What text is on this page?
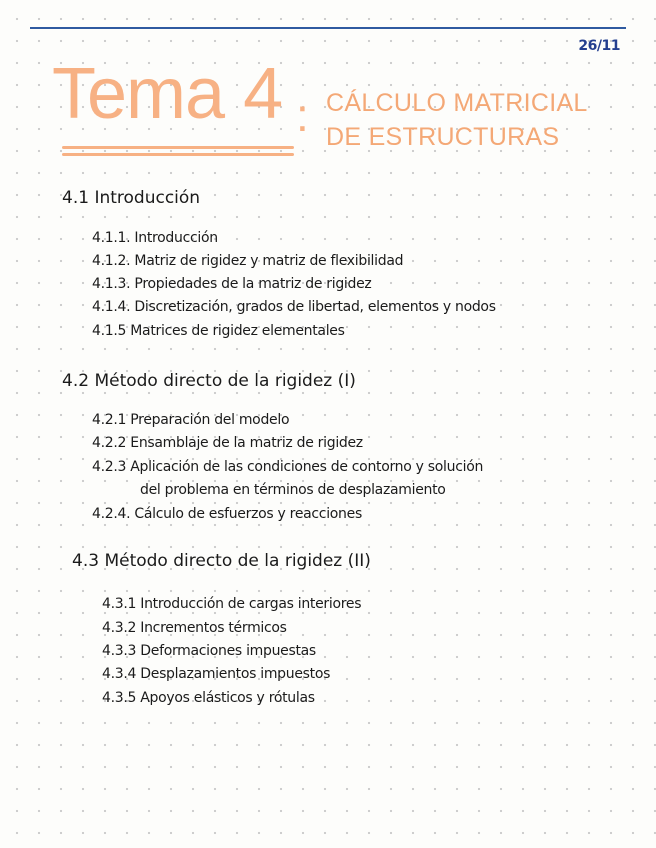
26/11
Tema 4 : CÁLCULO MATRICIAL
DE ESTRUCTURAS
4.1 Introducción
4.1.1. Introducción
4.1.2. Matriz de rigidez y matriz de flexibilidad
4.1.3. Propiedades de la matriz de rigidez
4.1.4. Discretización, grados de libertad, elementos y nodos
4.1.5 Matrices de rigidez elementales
4.2 Método directo de la rigidez (I)
4.2.1 Preparación del modelo
4.2.2 Ensamblaje de la matriz de rigidez
4.2.3 Aplicación de las condiciones de contorno y solución
del problema en términos de desplazamiento
4.2.4. Cálculo de esfuerzos y reacciones
4.3 Método directo de la rigidez (II)
4.3.1 Introducción de cargas interiores
4.3.2 Incrementos térmicos
4.3.3 Deformaciones impuestas
4.3.4 Desplazamientos impuestos
4.3.5 Apoyos elásticos y rótulas
